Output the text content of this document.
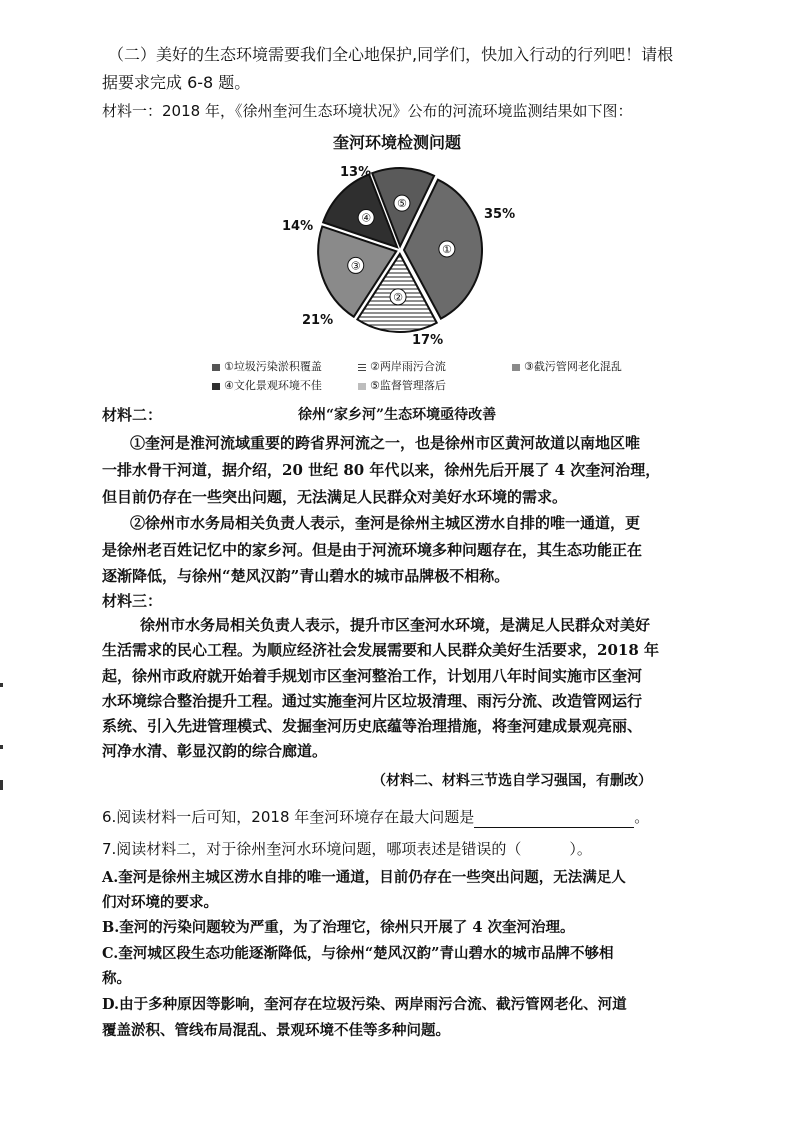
（二）美好的生态环境需要我们全心地保护,同学们，快加入行动的行列吧！请根
据要求完成 6-8 题。
材料一：2018 年，《徐州奎河生态环境状况》公布的河流环境监测结果如下图：
奎河环境检测问题
①
②
③
④
⑤
35%
17%
21%
14%
13%
①垃圾污染淤积覆盖	②两岸雨污合流	③截污管网老化混乱
④文化景观环境不佳	⑤监督管理落后
材料二：	徐州“家乡河”生态环境亟待改善
①奎河是淮河流域重要的跨省界河流之一，也是徐州市区黄河故道以南地区唯
一排水骨干河道，据介绍，20 世纪 80 年代以来，徐州先后开展了 4 次奎河治理，
但目前仍存在一些突出问题，无法满足人民群众对美好水环境的需求。
②徐州市水务局相关负责人表示，奎河是徐州主城区涝水自排的唯一通道，更
是徐州老百姓记忆中的家乡河。但是由于河流环境多种问题存在，其生态功能正在
逐渐降低，与徐州“楚风汉韵”青山碧水的城市品牌极不相称。
材料三：
徐州市水务局相关负责人表示，提升市区奎河水环境，是满足人民群众对美好
生活需求的民心工程。为顺应经济社会发展需要和人民群众美好生活要求，2018 年
起，徐州市政府就开始着手规划市区奎河整治工作，计划用八年时间实施市区奎河
水环境综合整治提升工程。通过实施奎河片区垃圾清理、雨污分流、改造管网运行
系统、引入先进管理模式、发掘奎河历史底蕴等治理措施，将奎河建成景观亮丽、
河净水清、彰显汉韵的综合廊道。
（材料二、材料三节选自学习强国，有删改）
6.阅读材料一后可知，2018 年奎河环境存在最大问题是	。
7.阅读材料二，对于徐州奎河水环境问题，哪项表述是错误的（	）。
A.奎河是徐州主城区涝水自排的唯一通道，目前仍存在一些突出问题，无法满足人
们对环境的要求。
B.奎河的污染问题较为严重，为了治理它，徐州只开展了 4 次奎河治理。
C.奎河城区段生态功能逐渐降低，与徐州“楚风汉韵”青山碧水的城市品牌不够相
称。
D.由于多种原因等影响，奎河存在垃圾污染、两岸雨污合流、截污管网老化、河道
覆盖淤积、管线布局混乱、景观环境不佳等多种问题。
